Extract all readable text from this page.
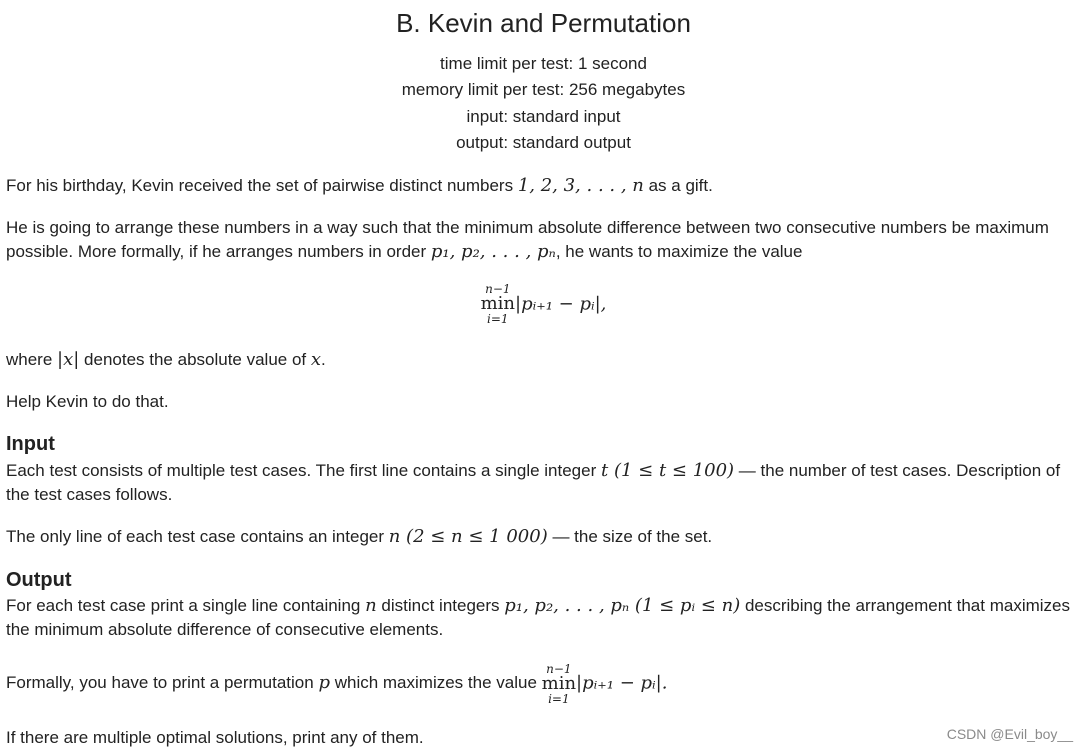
B. Kevin and Permutation
time limit per test: 1 second
memory limit per test: 256 megabytes
input: standard input
output: standard output
For his birthday, Kevin received the set of pairwise distinct numbers 1, 2, 3, . . . , n as a gift.
He is going to arrange these numbers in a way such that the minimum absolute difference between two consecutive numbers be maximum possible. More formally, if he arranges numbers in order p₁, p₂, . . . , pₙ, he wants to maximize the value
n−1
min
i=1
|pᵢ₊₁ − pᵢ|,
where |x| denotes the absolute value of x.
Help Kevin to do that.
Input
Each test consists of multiple test cases. The first line contains a single integer t (1 ≤ t ≤ 100) — the number of test cases. Description of the test cases follows.
The only line of each test case contains an integer n (2 ≤ n ≤ 1 000) — the size of the set.
Output
For each test case print a single line containing n distinct integers p₁, p₂, . . . , pₙ (1 ≤ pᵢ ≤ n) describing the arrangement that maximizes the minimum absolute difference of consecutive elements.
Formally, you have to print a permutation p which maximizes the value
n−1
min
i=1
|pᵢ₊₁ − pᵢ|.
If there are multiple optimal solutions, print any of them.	CSDN @Evil_boy__
